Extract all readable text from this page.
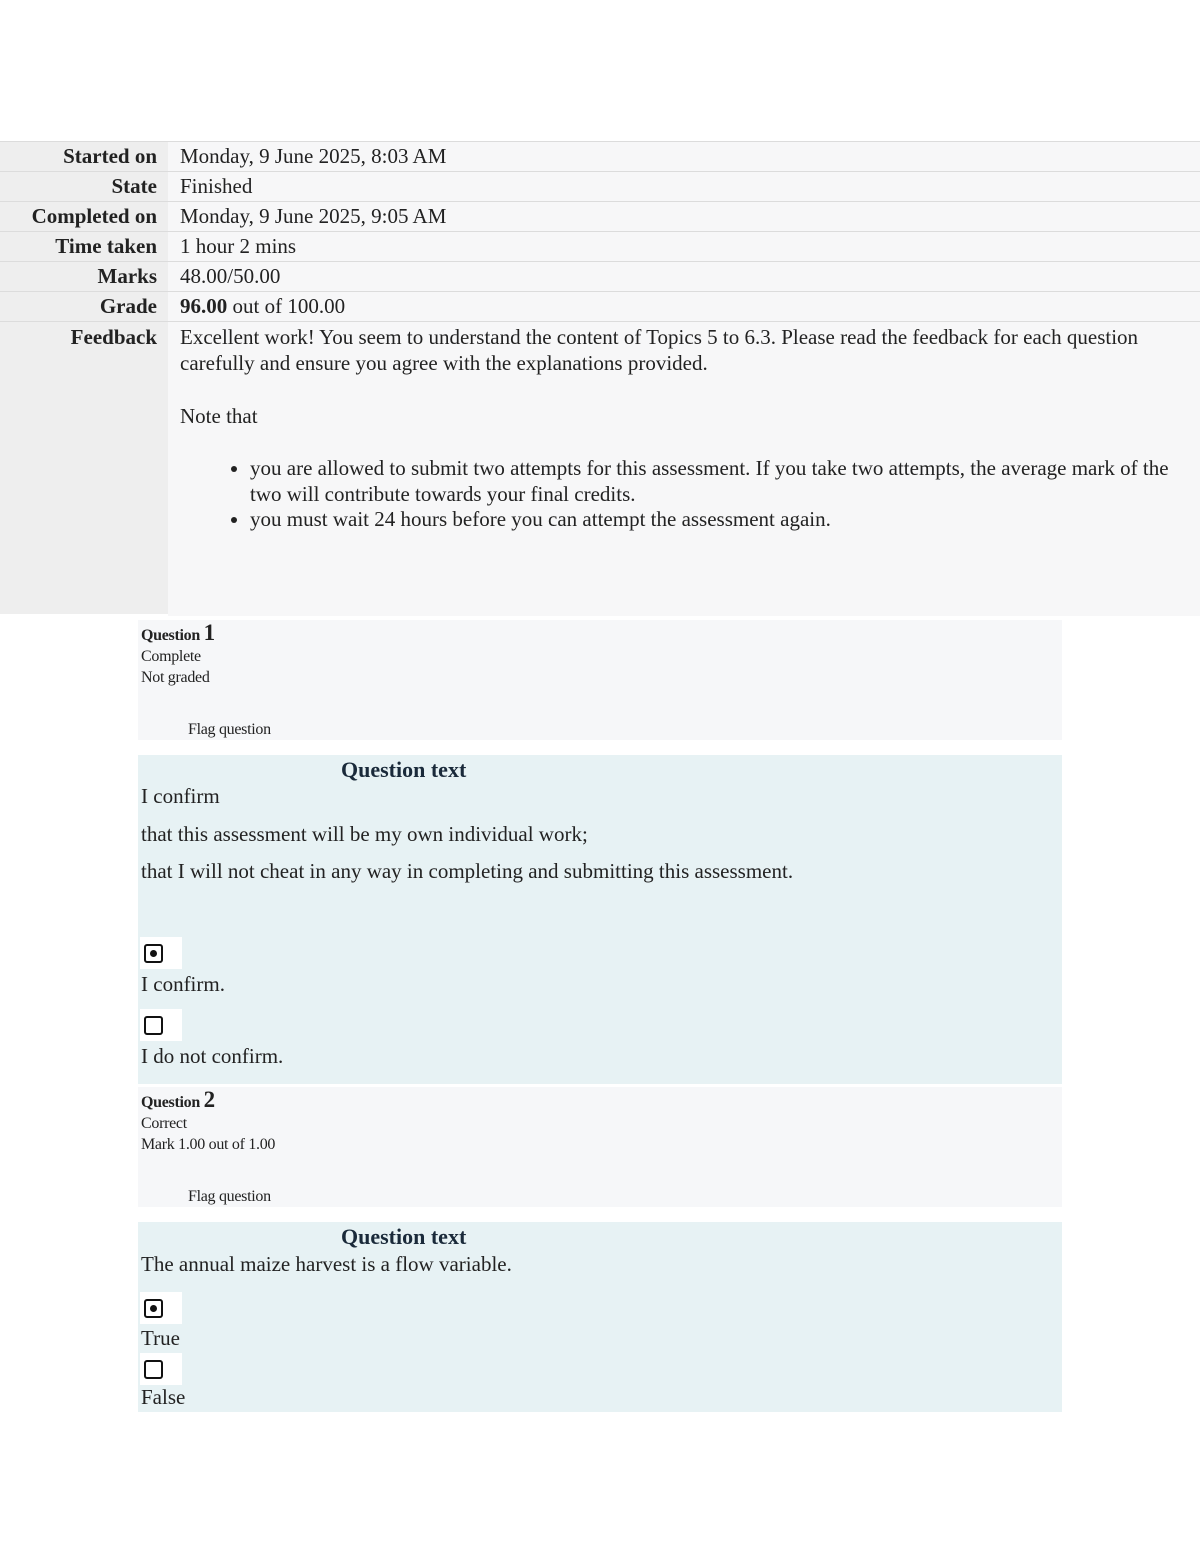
Started on	Monday, 9 June 2025, 8:03 AM
State	Finished
Completed on	Monday, 9 June 2025, 9:05 AM
Time taken	1 hour 2 mins
Marks	48.00/50.00
Grade	96.00 out of 100.00
Feedback	Excellent work! You seem to understand the content of Topics 5 to 6.3. Please read the feedback for each question carefully and ensure you agree with the explanations provided.

Note that

• you are allowed to submit two attempts for this assessment. If you take two attempts, the average mark of the two will contribute towards your final credits.
• you must wait 24 hours before you can attempt the assessment again.
Question 1
Complete
Not graded
Flag question
Question text
I confirm
that this assessment will be my own individual work;
that I will not cheat in any way in completing and submitting this assessment.
I confirm.
I do not confirm.
Question 2
Correct
Mark 1.00 out of 1.00
Flag question
Question text
The annual maize harvest is a flow variable.
True
False
